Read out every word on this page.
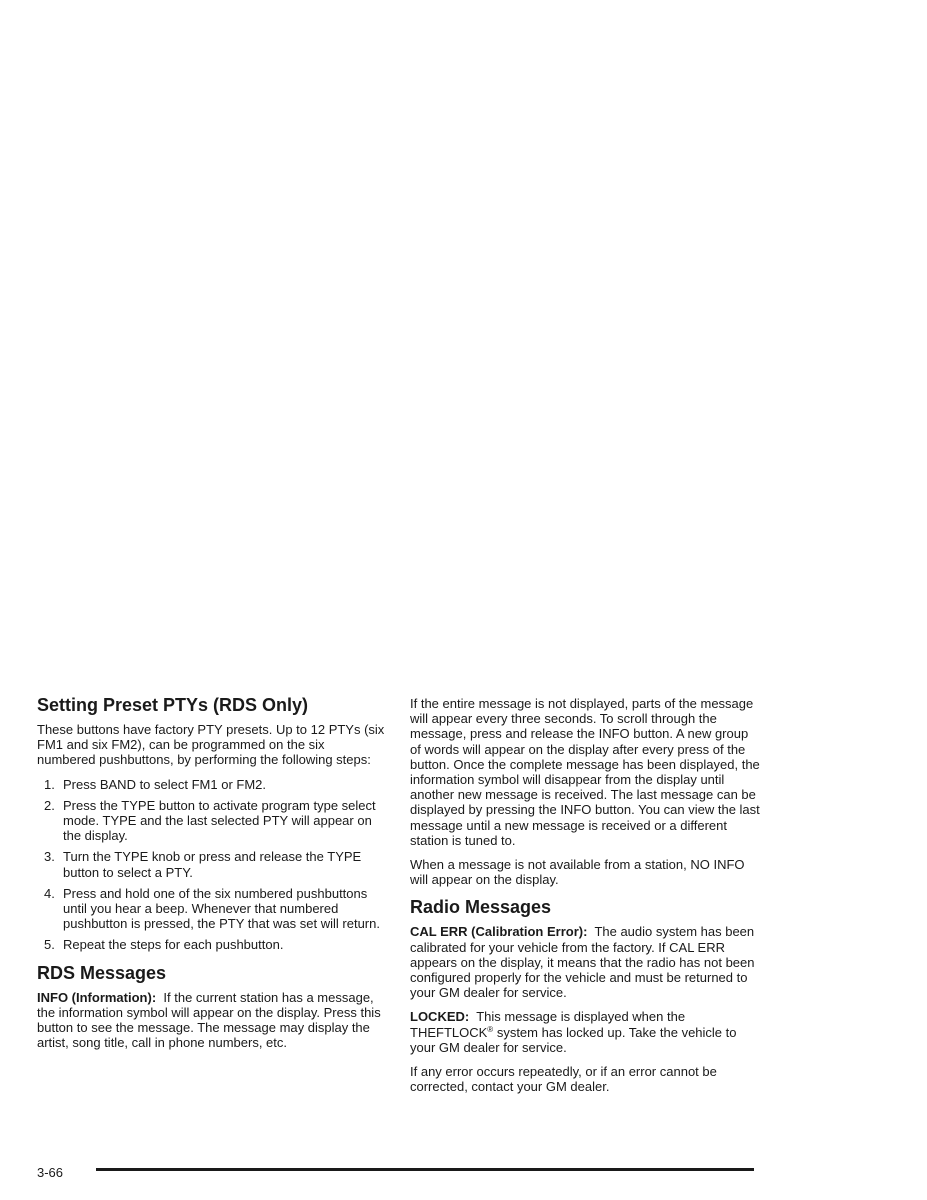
Setting Preset PTYs (RDS Only)

These buttons have factory PTY presets. Up to 12 PTYs (six FM1 and six FM2), can be programmed on the six numbered pushbuttons, by performing the following steps:

1. Press BAND to select FM1 or FM2.
2. Press the TYPE button to activate program type select mode. TYPE and the last selected PTY will appear on the display.
3. Turn the TYPE knob or press and release the TYPE button to select a PTY.
4. Press and hold one of the six numbered pushbuttons until you hear a beep. Whenever that numbered pushbutton is pressed, the PTY that was set will return.
5. Repeat the steps for each pushbutton.
RDS Messages

INFO (Information): If the current station has a message, the information symbol will appear on the display. Press this button to see the message. The message may display the artist, song title, call in phone numbers, etc.

If the entire message is not displayed, parts of the message will appear every three seconds. To scroll through the message, press and release the INFO button. A new group of words will appear on the display after every press of the button. Once the complete message has been displayed, the information symbol will disappear from the display until another new message is received. The last message can be displayed by pressing the INFO button. You can view the last message until a new message is received or a different station is tuned to.

When a message is not available from a station, NO INFO will appear on the display.

Radio Messages

CAL ERR (Calibration Error): The audio system has been calibrated for your vehicle from the factory. If CAL ERR appears on the display, it means that the radio has not been configured properly for the vehicle and must be returned to your GM dealer for service.

LOCKED: This message is displayed when the THEFTLOCK® system has locked up. Take the vehicle to your GM dealer for service.

If any error occurs repeatedly, or if an error cannot be corrected, contact your GM dealer.

3-66
